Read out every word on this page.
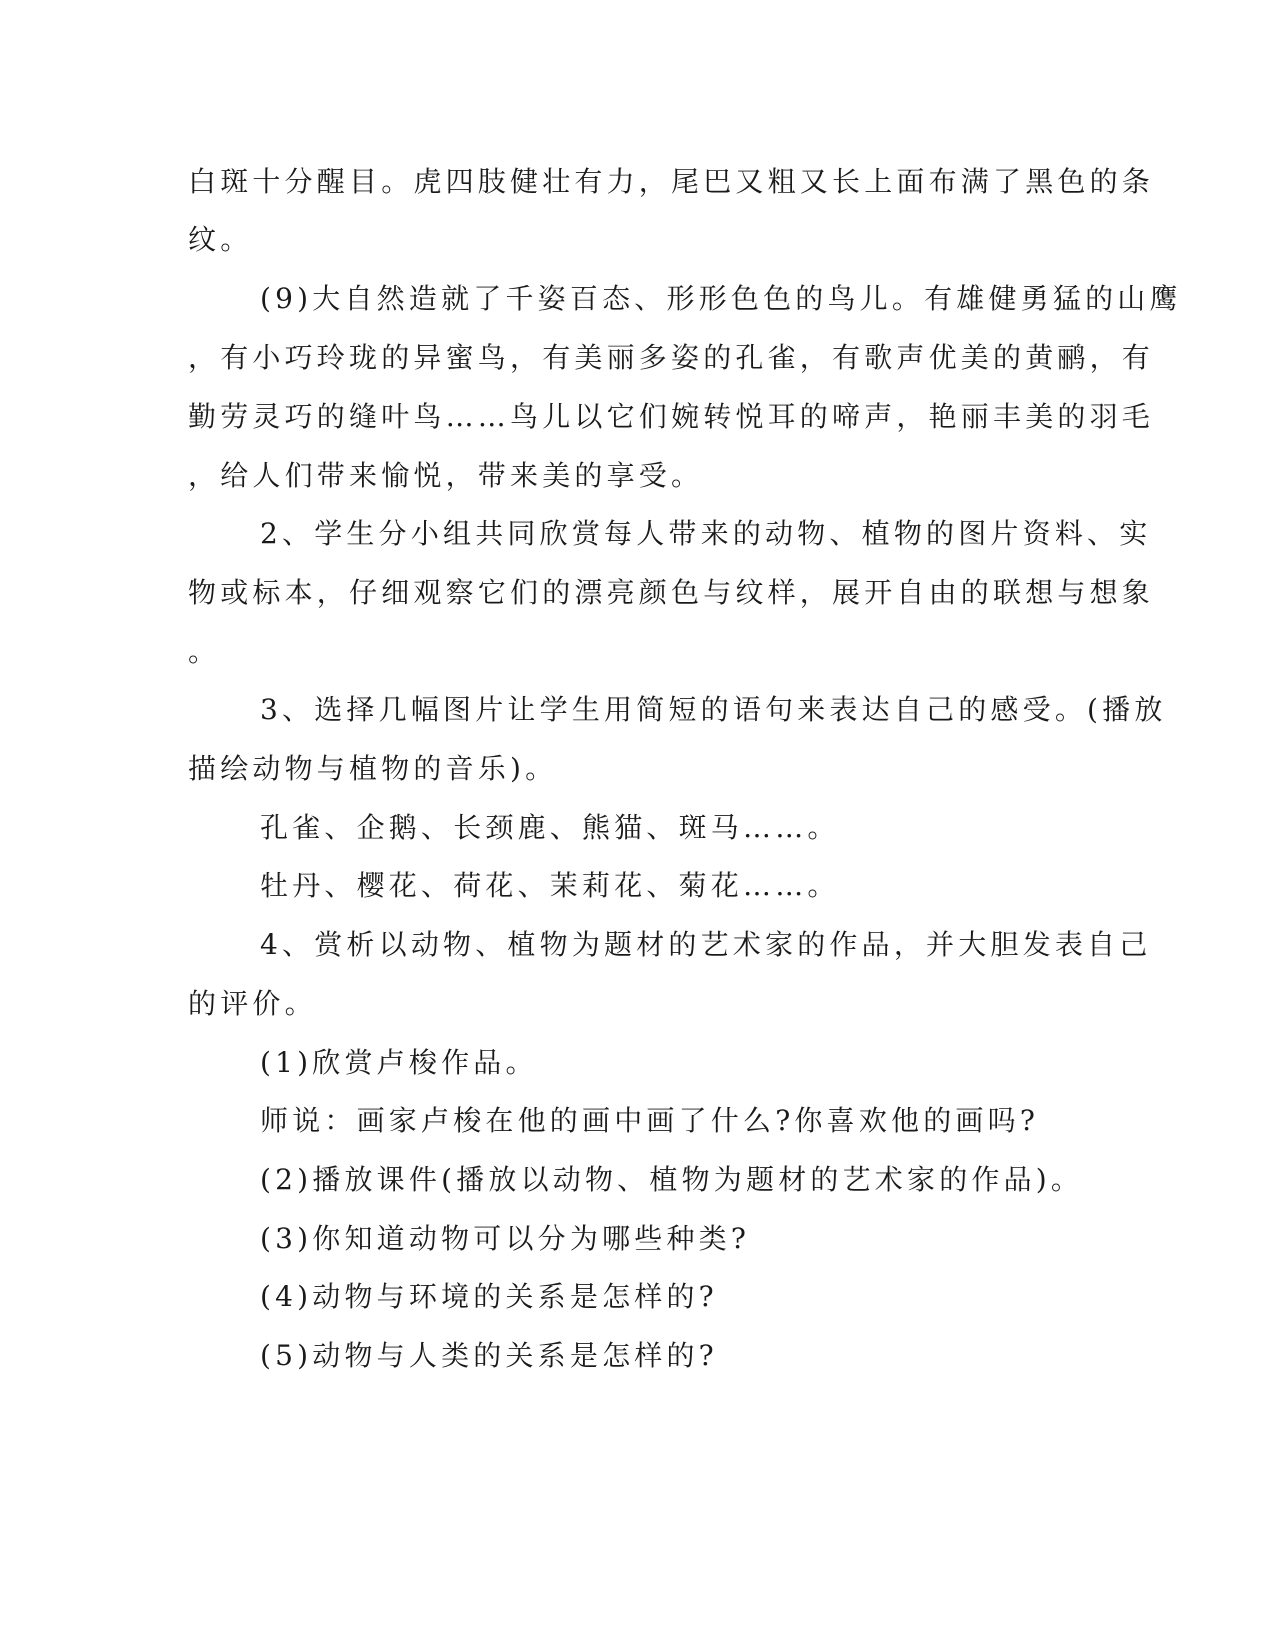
白斑十分醒目。虎四肢健壮有力，尾巴又粗又长上面布满了黑色的条

纹。

(9)大自然造就了千姿百态、形形色色的鸟儿。有雄健勇猛的山鹰

，有小巧玲珑的异蜜鸟，有美丽多姿的孔雀，有歌声优美的黄鹂，有

勤劳灵巧的缝叶鸟……鸟儿以它们婉转悦耳的啼声，艳丽丰美的羽毛

，给人们带来愉悦，带来美的享受。

2、学生分小组共同欣赏每人带来的动物、植物的图片资料、实

物或标本，仔细观察它们的漂亮颜色与纹样，展开自由的联想与想象

。

3、选择几幅图片让学生用简短的语句来表达自己的感受。(播放

描绘动物与植物的音乐)。

孔雀、企鹅、长颈鹿、熊猫、斑马……。

牡丹、樱花、荷花、茉莉花、菊花……。

4、赏析以动物、植物为题材的艺术家的作品，并大胆发表自己

的评价。

(1)欣赏卢梭作品。

师说：画家卢梭在他的画中画了什么?你喜欢他的画吗?

(2)播放课件(播放以动物、植物为题材的艺术家的作品)。

(3)你知道动物可以分为哪些种类?

(4)动物与环境的关系是怎样的?

(5)动物与人类的关系是怎样的?
